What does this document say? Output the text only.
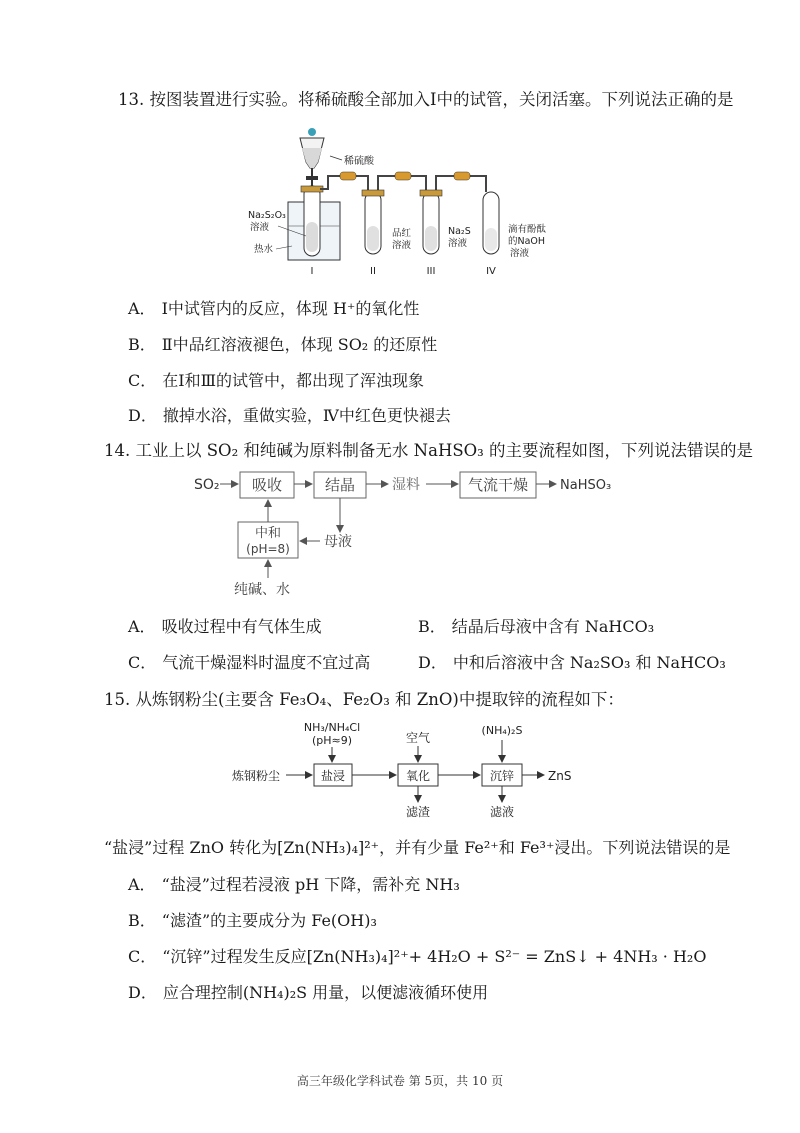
13. 按图装置进行实验。将稀硫酸全部加入Ⅰ中的试管，关闭活塞。下列说法正确的是
稀硫酸
Na₂S₂O₃
溶液
热水
品红
溶液
Na₂S
溶液
滴有酚酞
的NaOH
溶液
I	II	III	IV
A． Ⅰ中试管内的反应，体现 H⁺的氧化性
B． Ⅱ中品红溶液褪色，体现 SO₂ 的还原性
C． 在Ⅰ和Ⅲ的试管中，都出现了浑浊现象
D． 撤掉水浴，重做实验，Ⅳ中红色更快褪去
14. 工业上以 SO₂ 和纯碱为原料制备无水 NaHSO₃ 的主要流程如图，下列说法错误的是
SO₂ 吸收	结晶	湿料	气流干燥 NaHSO₃
母液
中和
(pH=8)
纯碱、水
A． 吸收过程中有气体生成	B． 结晶后母液中含有 NaHCO₃
C． 气流干燥湿料时温度不宜过高	D． 中和后溶液中含 Na₂SO₃ 和 NaHCO₃
15. 从炼钢粉尘(主要含 Fe₃O₄、Fe₂O₃ 和 ZnO)中提取锌的流程如下：
NH₃/NH₄Cl
(pH≈9)	空气
(NH₄)₂S
炼钢粉尘	盐浸	氧化	沉锌	ZnS
滤渣	滤液
“盐浸”过程 ZnO 转化为[Zn(NH₃)₄]²⁺，并有少量 Fe²⁺和 Fe³⁺浸出。下列说法错误的是
A． “盐浸”过程若浸液 pH 下降，需补充 NH₃
B． “滤渣”的主要成分为 Fe(OH)₃
C． “沉锌”过程发生反应[Zn(NH₃)₄]²⁺+ 4H₂O + S²⁻ = ZnS↓ + 4NH₃ · H₂O
D． 应合理控制(NH₄)₂S 用量，以便滤液循环使用
高三年级化学科试卷 第 5页，共 10 页
